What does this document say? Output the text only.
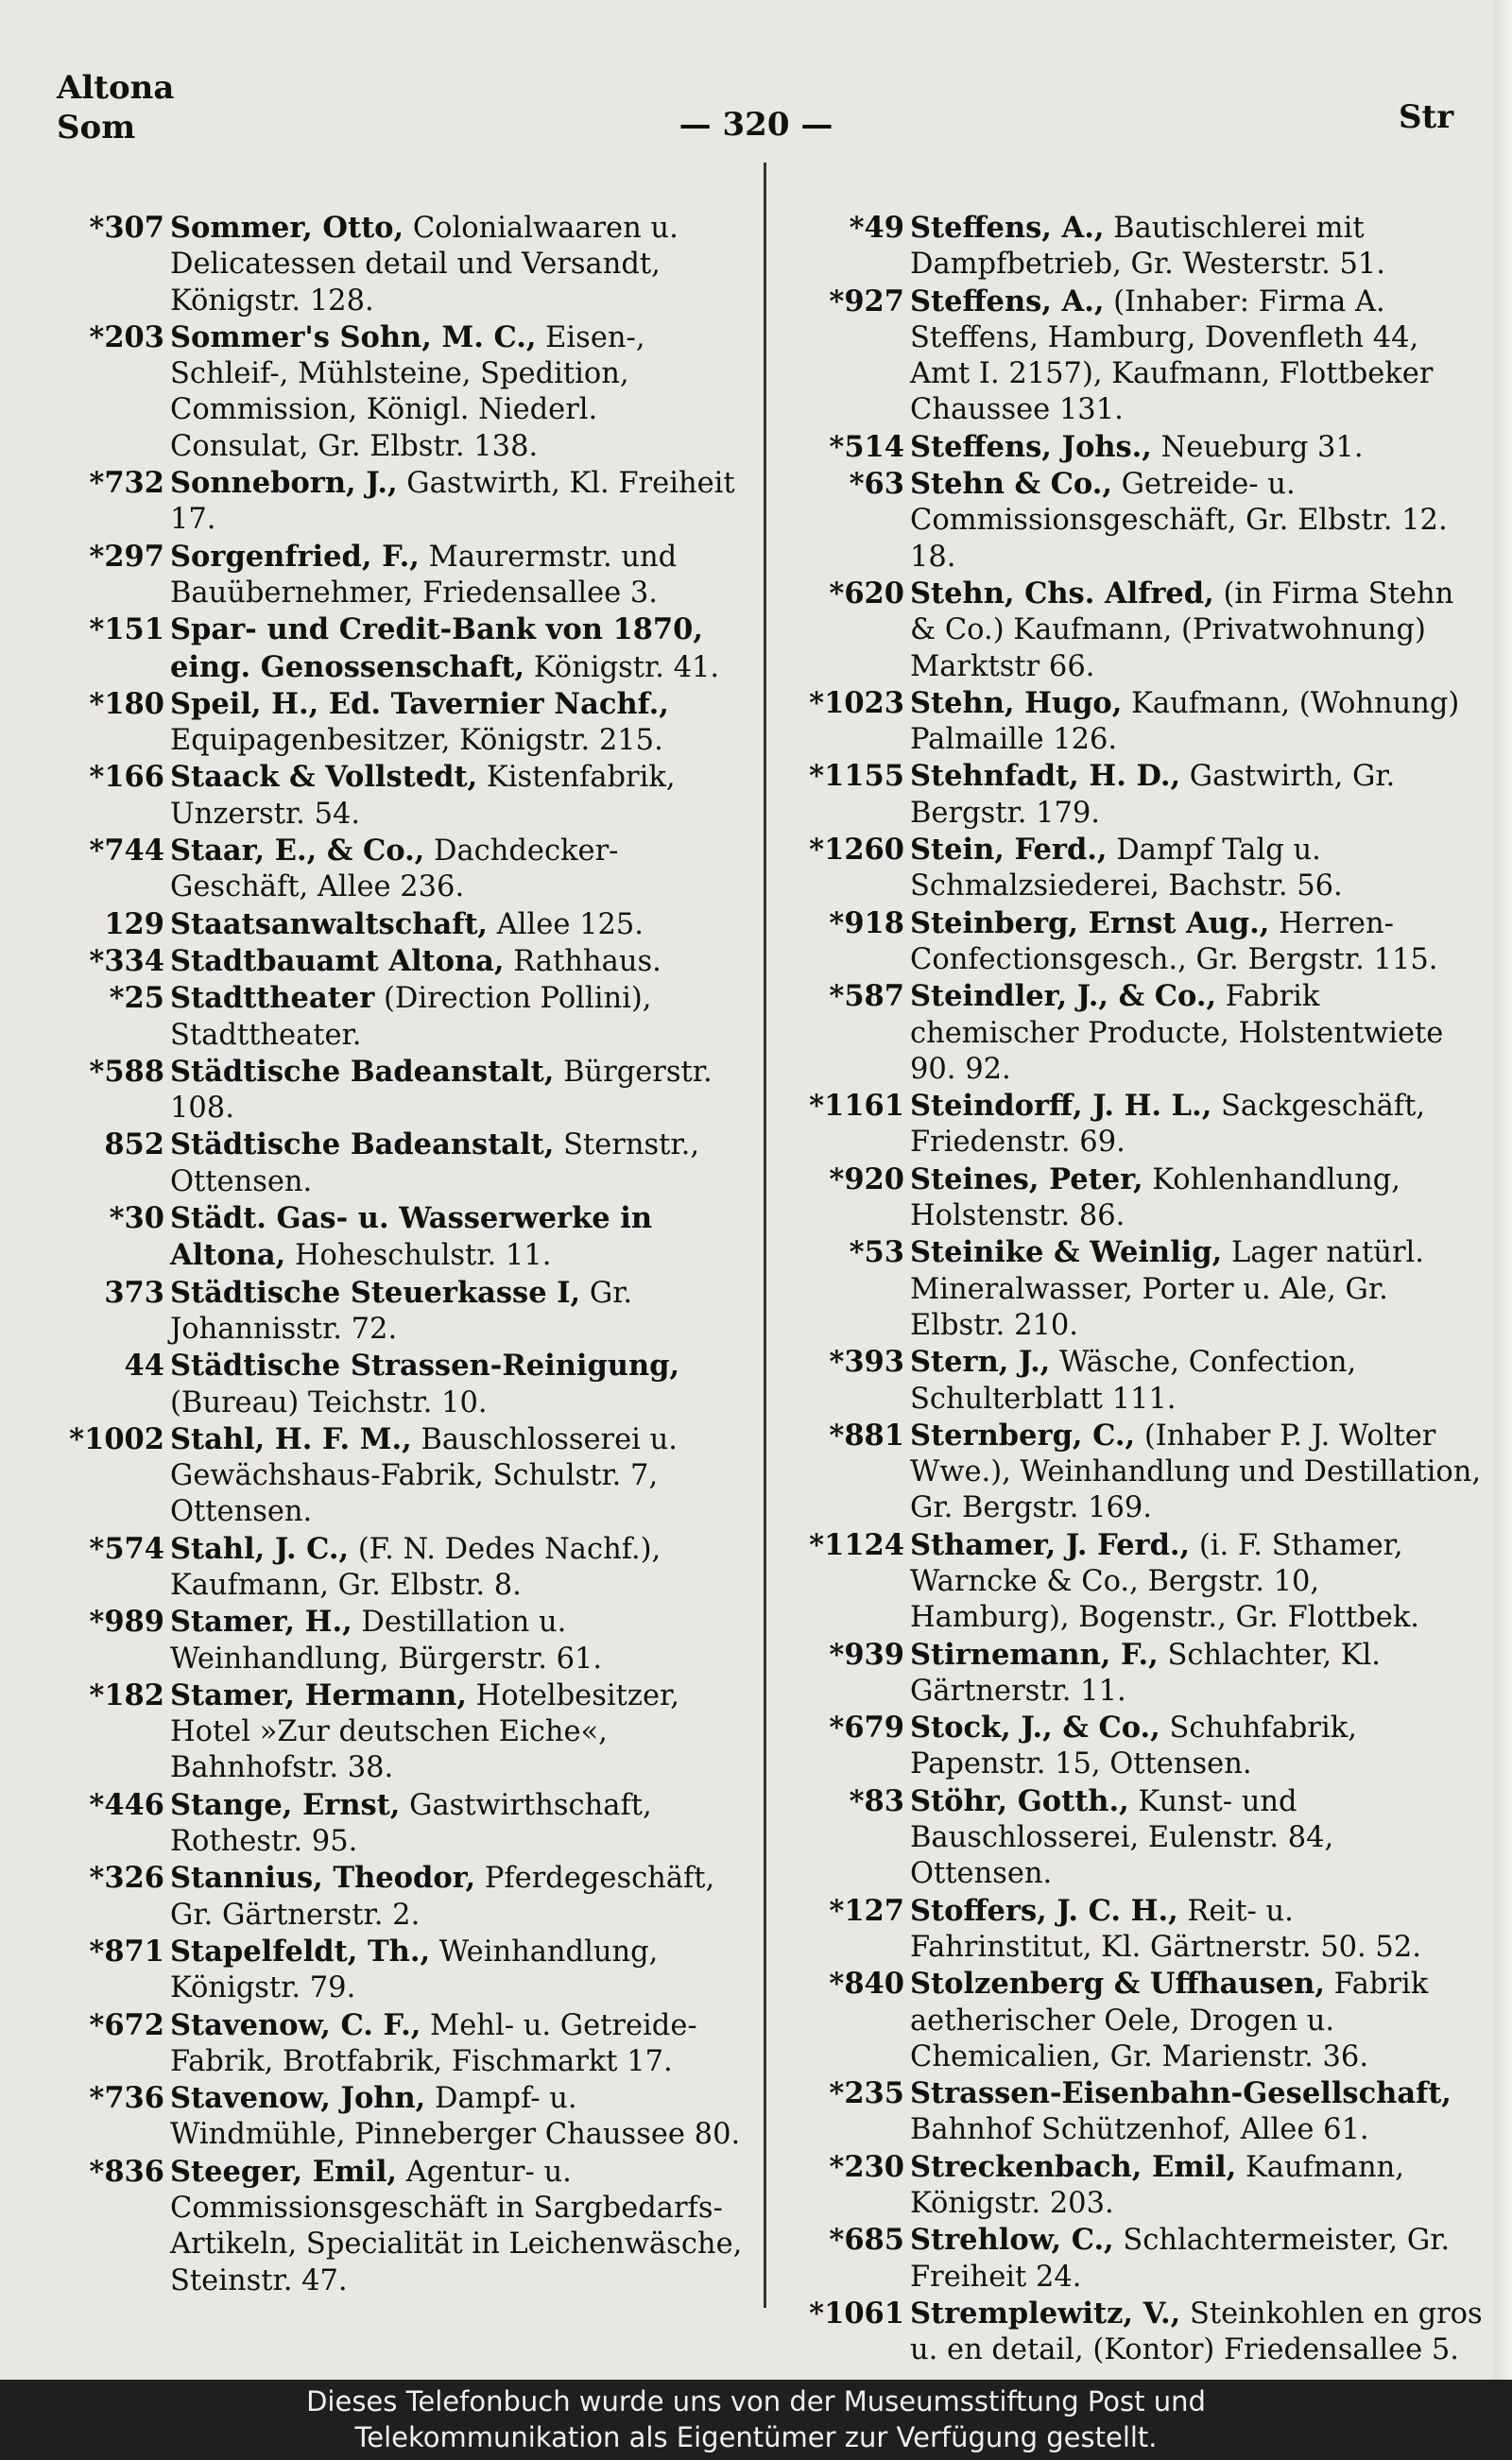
Altona
Som	— 320 —	Str
*307 Sommer, Otto, Colonialwaaren u. Delicatessen detail und Versandt, Königstr. 128.
*203 Sommer's Sohn, M. C., Eisen-, Schleif-, Mühlsteine, Spedition, Commission, Königl. Niederl. Consulat, Gr. Elbstr. 138.
*732 Sonneborn, J., Gastwirth, Kl. Freiheit 17.
*297 Sorgenfried, F., Maurermstr. und Bauübernehmer, Friedensallee 3.
*151 Spar- und Credit-Bank von 1870, eing. Genossenschaft, Königstr. 41.
*180 Speil, H., Ed. Tavernier Nachf., Equipagenbesitzer, Königstr. 215.
*166 Staack & Vollstedt, Kistenfabrik, Unzerstr. 54.
*744 Staar, E., & Co., Dachdecker-Geschäft, Allee 236.
129 Staatsanwaltschaft, Allee 125.
*334 Stadtbauamt Altona, Rathhaus.
*25 Stadttheater (Direction Pollini), Stadttheater.
*588 Städtische Badeanstalt, Bürgerstr. 108.
852 Städtische Badeanstalt, Sternstr., Ottensen.
*30 Städt. Gas- u. Wasserwerke in Altona, Hoheschulstr. 11.
373 Städtische Steuerkasse I, Gr. Johannisstr. 72.
44 Städtische Strassen-Reinigung, (Bureau) Teichstr. 10.
*1002 Stahl, H. F. M., Bauschlosserei u. Gewächshaus-Fabrik, Schulstr. 7, Ottensen.
*574 Stahl, J. C., (F. N. Dedes Nachf.), Kaufmann, Gr. Elbstr. 8.
*989 Stamer, H., Destillation u. Weinhandlung, Bürgerstr. 61.
*182 Stamer, Hermann, Hotelbesitzer, Hotel »Zur deutschen Eiche«, Bahnhofstr. 38.
*446 Stange, Ernst, Gastwirthschaft, Rothestr. 95.
*326 Stannius, Theodor, Pferdegeschäft, Gr. Gärtnerstr. 2.
*871 Stapelfeldt, Th., Weinhandlung, Königstr. 79.
*672 Stavenow, C. F., Mehl- u. Getreide-Fabrik, Brotfabrik, Fischmarkt 17.
*736 Stavenow, John, Dampf- u. Windmühle, Pinneberger Chaussee 80.
*836 Steeger, Emil, Agentur- u. Commissionsgeschäft in Sargbedarfs-Artikeln, Specialität in Leichenwäsche, Steinstr. 47.
*49 Steffens, A., Bautischlerei mit Dampfbetrieb, Gr. Westerstr. 51.
*927 Steffens, A., (Inhaber: Firma A. Steffens, Hamburg, Dovenfleth 44, Amt I. 2157), Kaufmann, Flottbeker Chaussee 131.
*514 Steffens, Johs., Neueburg 31.
*63 Stehn & Co., Getreide- u. Commissionsgeschäft, Gr. Elbstr. 12. 18.
*620 Stehn, Chs. Alfred, (in Firma Stehn & Co.) Kaufmann, (Privatwohnung) Marktstr 66.
*1023 Stehn, Hugo, Kaufmann, (Wohnung) Palmaille 126.
*1155 Stehnfadt, H. D., Gastwirth, Gr. Bergstr. 179.
*1260 Stein, Ferd., Dampf Talg u. Schmalzsiederei, Bachstr. 56.
*918 Steinberg, Ernst Aug., Herren-Confectionsgesch., Gr. Bergstr. 115.
*587 Steindler, J., & Co., Fabrik chemischer Producte, Holstentwiete 90. 92.
*1161 Steindorff, J. H. L., Sackgeschäft, Friedenstr. 69.
*920 Steines, Peter, Kohlenhandlung, Holstenstr. 86.
*53 Steinike & Weinlig, Lager natürl. Mineralwasser, Porter u. Ale, Gr. Elbstr. 210.
*393 Stern, J., Wäsche, Confection, Schulterblatt 111.
*881 Sternberg, C., (Inhaber P. J. Wolter Wwe.), Weinhandlung und Destillation, Gr. Bergstr. 169.
*1124 Sthamer, J. Ferd., (i. F. Sthamer, Warncke & Co., Bergstr. 10, Hamburg), Bogenstr., Gr. Flottbek.
*939 Stirnemann, F., Schlachter, Kl. Gärtnerstr. 11.
*679 Stock, J., & Co., Schuhfabrik, Papenstr. 15, Ottensen.
*83 Stöhr, Gotth., Kunst- und Bauschlosserei, Eulenstr. 84, Ottensen.
*127 Stoffers, J. C. H., Reit- u. Fahrinstitut, Kl. Gärtnerstr. 50. 52.
*840 Stolzenberg & Uffhausen, Fabrik aetherischer Oele, Drogen u. Chemicalien, Gr. Marienstr. 36.
*235 Strassen-Eisenbahn-Gesellschaft, Bahnhof Schützenhof, Allee 61.
*230 Streckenbach, Emil, Kaufmann, Königstr. 203.
*685 Strehlow, C., Schlachtermeister, Gr. Freiheit 24.
*1061 Stremplewitz, V., Steinkohlen en gros u. en detail, (Kontor) Friedensallee 5.
Dieses Telefonbuch wurde uns von der Museumsstiftung Post und
Telekommunikation als Eigentümer zur Verfügung gestellt.
